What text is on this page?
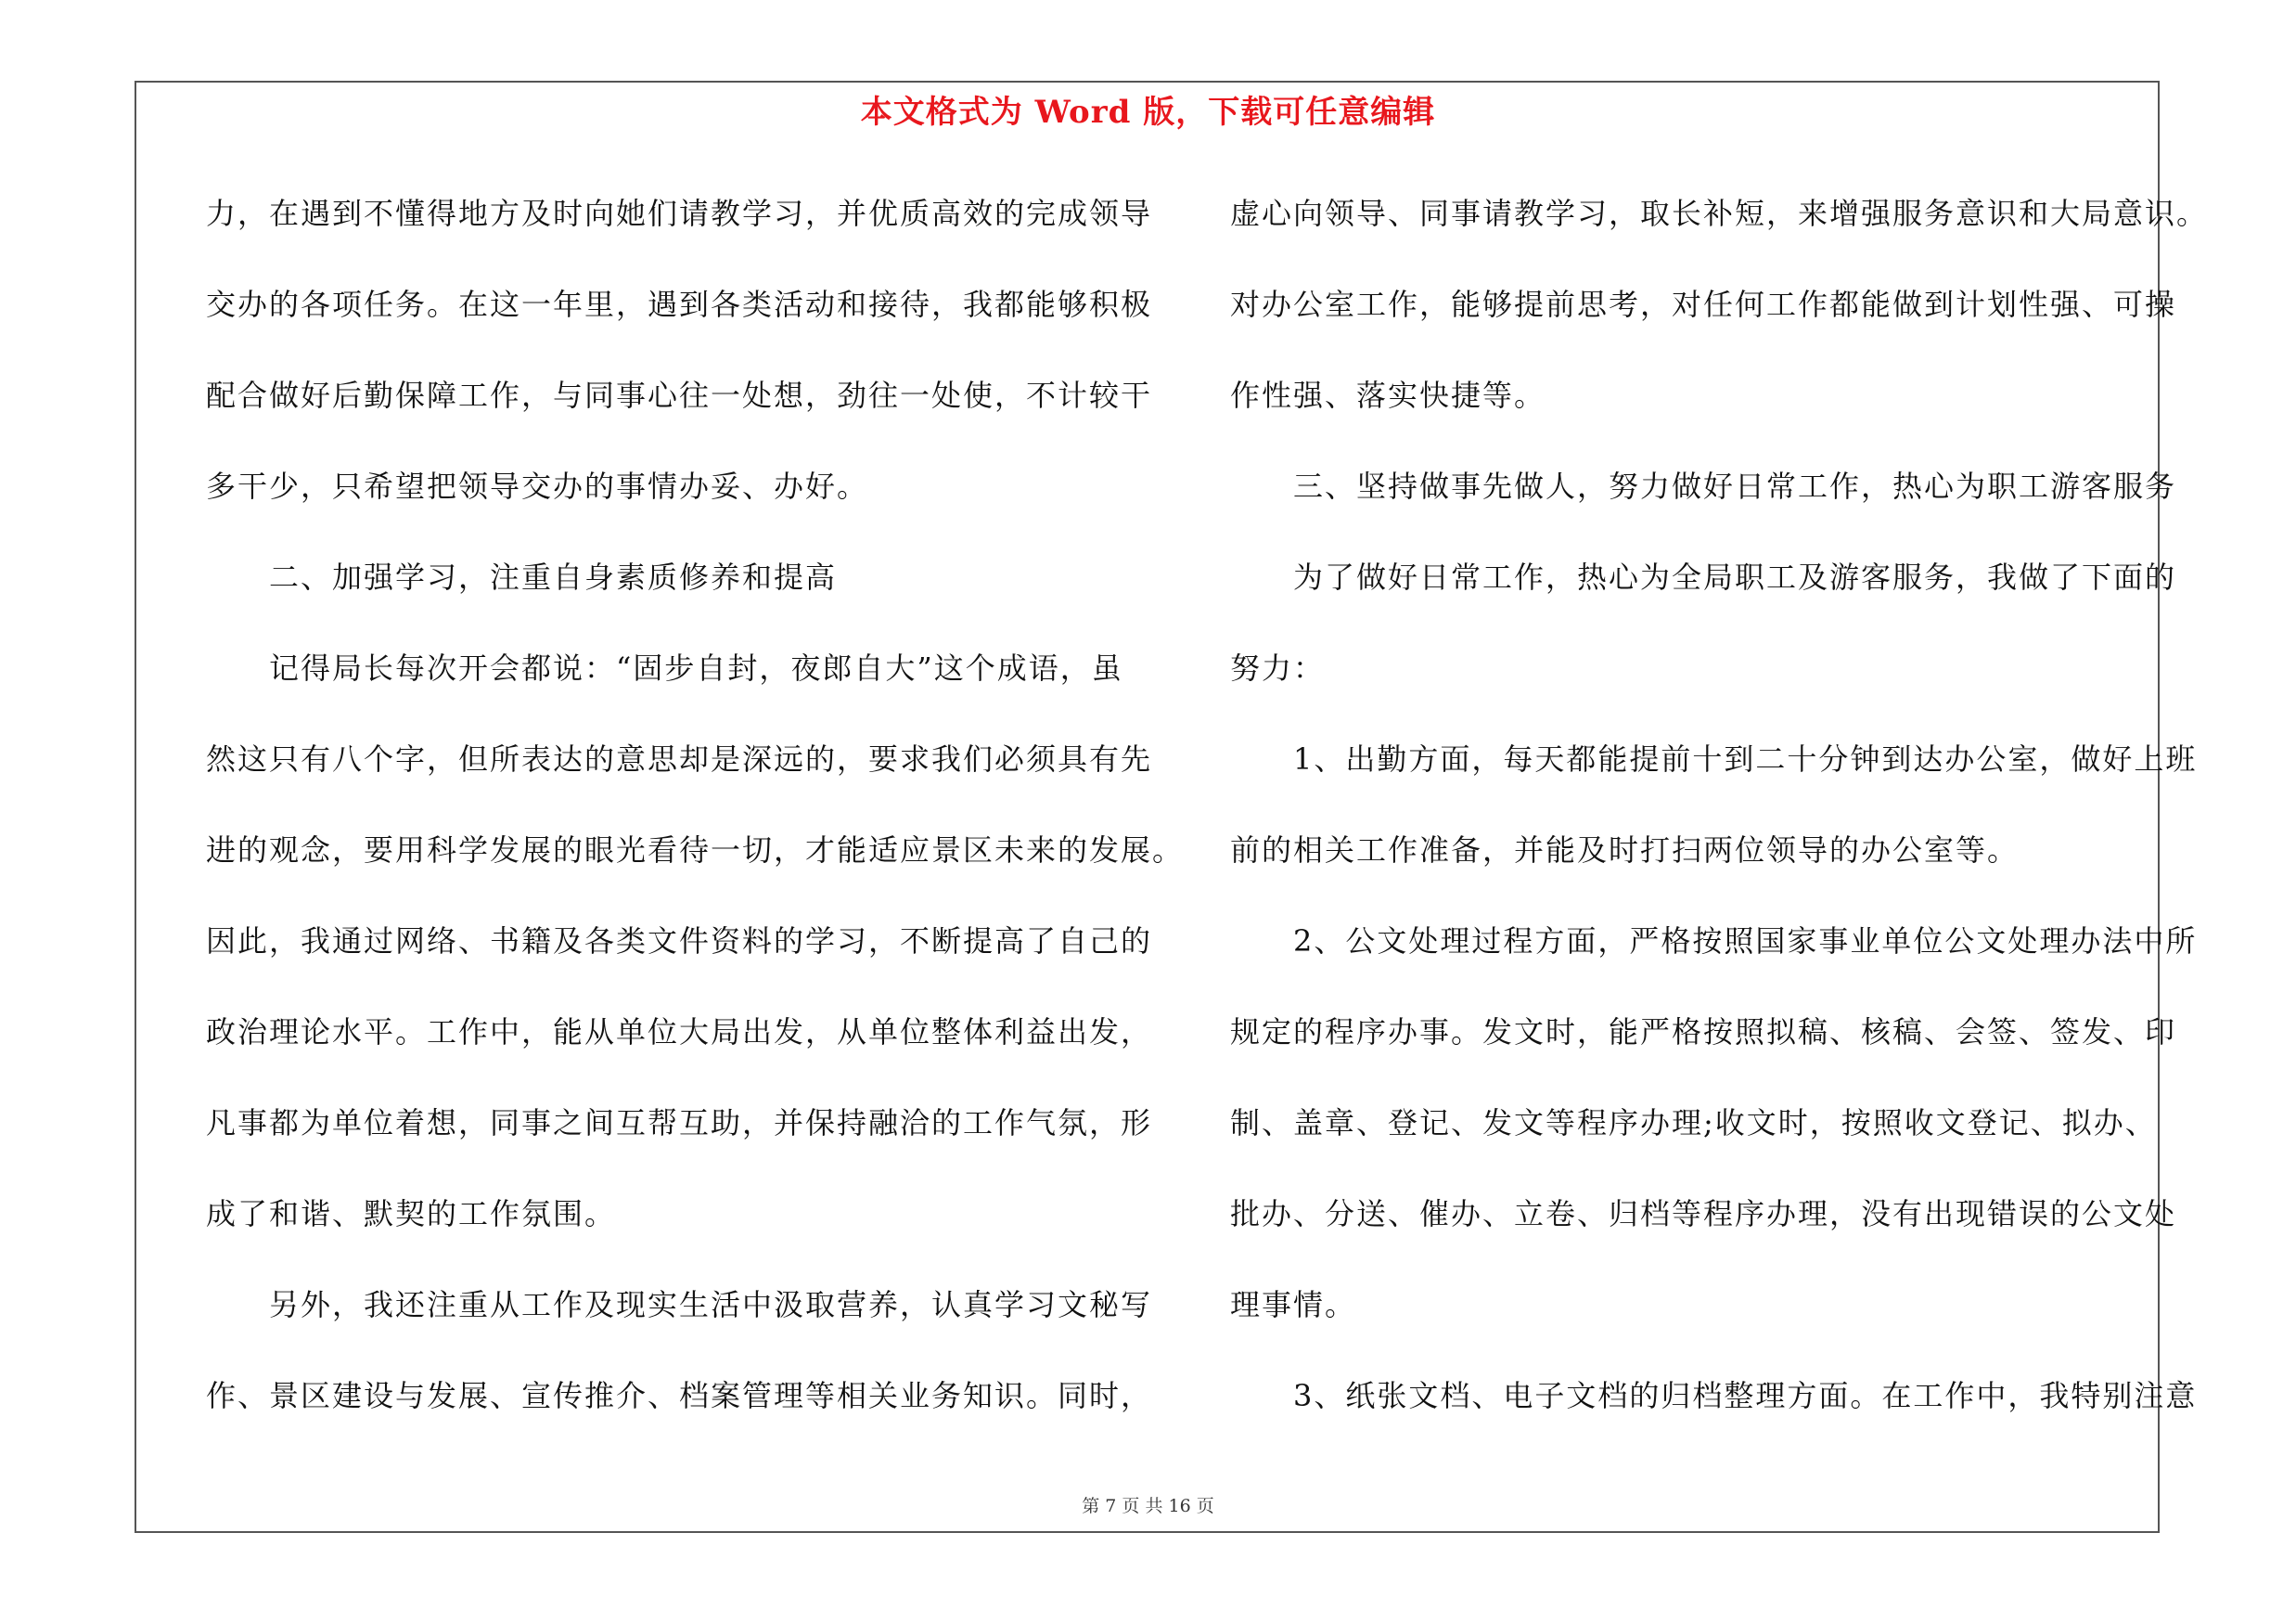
本文格式为 Word 版，下载可任意编辑
力，在遇到不懂得地方及时向她们请教学习，并优质高效的完成领导
交办的各项任务。在这一年里，遇到各类活动和接待，我都能够积极
配合做好后勤保障工作，与同事心往一处想，劲往一处使，不计较干
多干少，只希望把领导交办的事情办妥、办好。
　　二、加强学习，注重自身素质修养和提高
　　记得局长每次开会都说：“固步自封，夜郎自大”这个成语，虽
然这只有八个字，但所表达的意思却是深远的，要求我们必须具有先
进的观念，要用科学发展的眼光看待一切，才能适应景区未来的发展。
因此，我通过网络、书籍及各类文件资料的学习，不断提高了自己的
政治理论水平。工作中，能从单位大局出发，从单位整体利益出发，
凡事都为单位着想，同事之间互帮互助，并保持融洽的工作气氛，形
成了和谐、默契的工作氛围。
　　另外，我还注重从工作及现实生活中汲取营养，认真学习文秘写
作、景区建设与发展、宣传推介、档案管理等相关业务知识。同时，
虚心向领导、同事请教学习，取长补短，来增强服务意识和大局意识。
对办公室工作，能够提前思考，对任何工作都能做到计划性强、可操
作性强、落实快捷等。
　　三、坚持做事先做人，努力做好日常工作，热心为职工游客服务
　　为了做好日常工作，热心为全局职工及游客服务，我做了下面的
努力：
　　1、出勤方面，每天都能提前十到二十分钟到达办公室，做好上班
前的相关工作准备，并能及时打扫两位领导的办公室等。
　　2、公文处理过程方面，严格按照国家事业单位公文处理办法中所
规定的程序办事。发文时，能严格按照拟稿、核稿、会签、签发、印
制、盖章、登记、发文等程序办理;收文时，按照收文登记、拟办、
批办、分送、催办、立卷、归档等程序办理，没有出现错误的公文处
理事情。
　　3、纸张文档、电子文档的归档整理方面。在工作中，我特别注意
第 7 页 共 16 页
